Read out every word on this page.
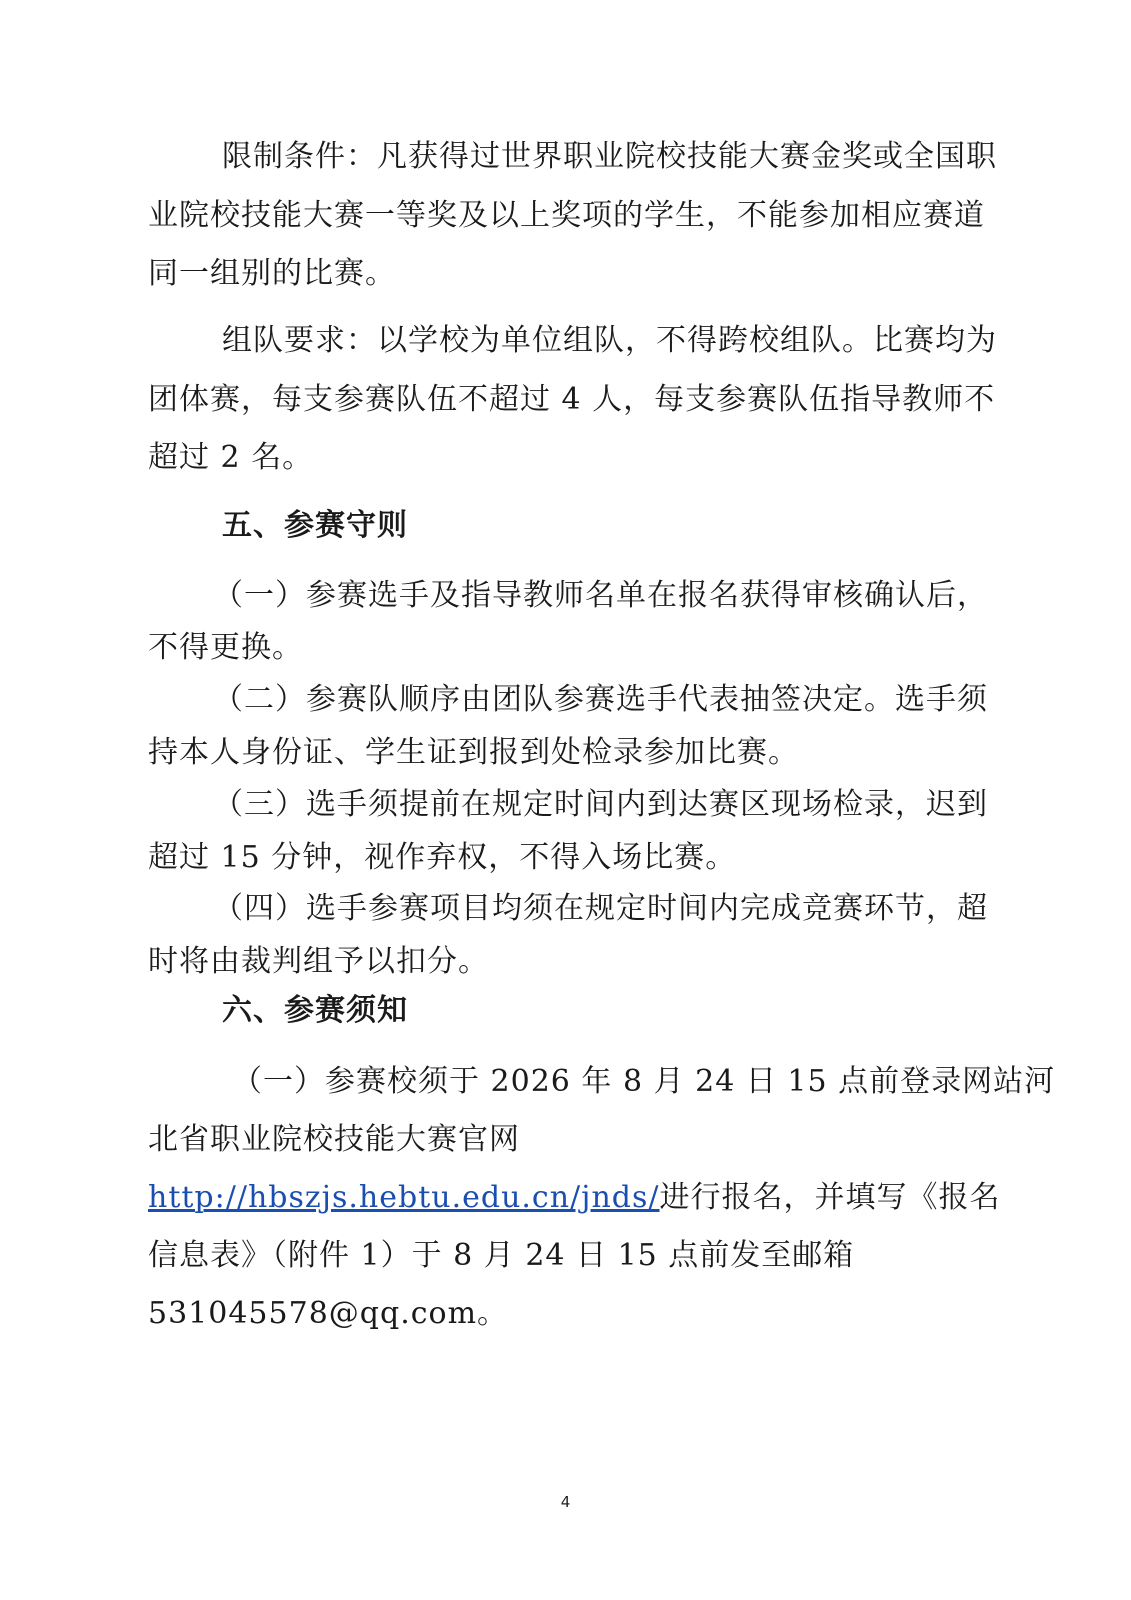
限制条件：凡获得过世界职业院校技能大赛金奖或全国职
业院校技能大赛一等奖及以上奖项的学生，不能参加相应赛道
同一组别的比赛。
组队要求：以学校为单位组队，不得跨校组队。比赛均为
团体赛，每支参赛队伍不超过 4 人，每支参赛队伍指导教师不
超过 2 名。
五、参赛守则
（一）参赛选手及指导教师名单在报名获得审核确认后，
不得更换。
（二）参赛队顺序由团队参赛选手代表抽签决定。选手须
持本人身份证、学生证到报到处检录参加比赛。
（三）选手须提前在规定时间内到达赛区现场检录，迟到
超过 15 分钟，视作弃权，不得入场比赛。
（四）选手参赛项目均须在规定时间内完成竞赛环节，超
时将由裁判组予以扣分。
六、参赛须知
（一）参赛校须于 2026 年 8 月 24 日 15 点前登录网站河
北省职业院校技能大赛官网
http://hbszjs.hebtu.edu.cn/jnds/进行报名，并填写《报名
信息表》（附件 1）于 8 月 24 日 15 点前发至邮箱
531045578@qq.com。
4
